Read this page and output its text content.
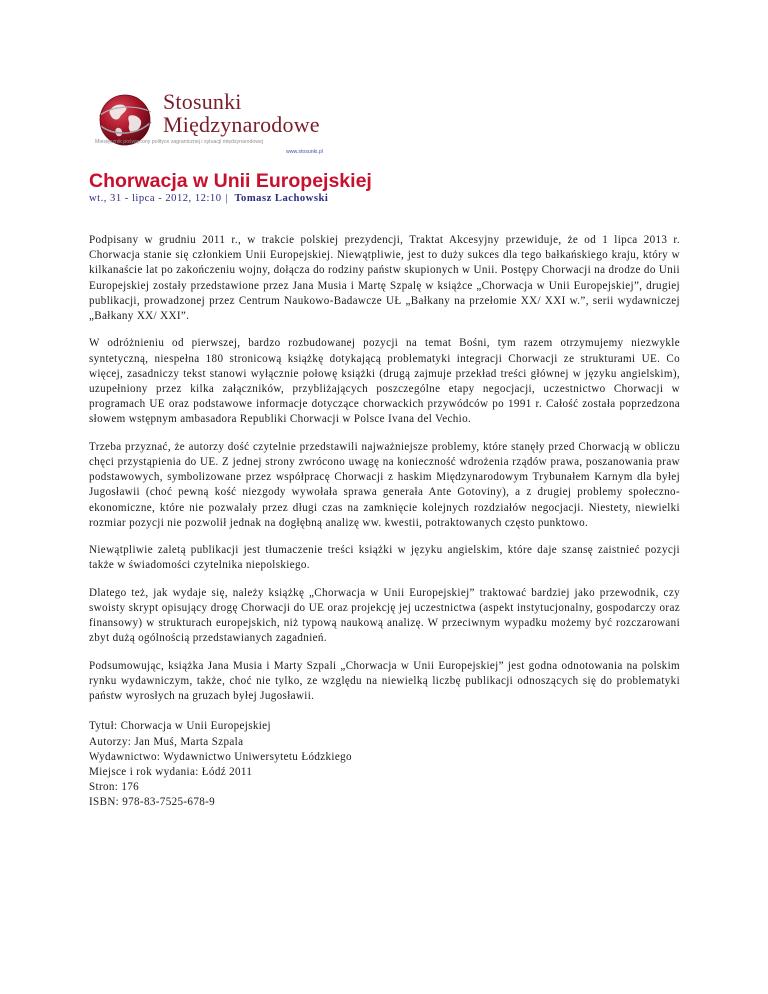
Stosunki
Międzynarodowe
Miesięcznik poświęcony polityce zagranicznej i sytuacji międzynarodowej
www.stosunki.pl
Chorwacja w Unii Europejskiej
wt., 31 - lipca - 2012, 12:10 | Tomasz Lachowski

Podpisany w grudniu 2011 r., w trakcie polskiej prezydencji, Traktat Akcesyjny przewiduje, że od 1 lipca 2013 r. Chorwacja stanie się członkiem Unii Europejskiej. Niewątpliwie, jest to duży sukces dla tego bałkańskiego kraju, który w kilkanaście lat po zakończeniu wojny, dołącza do rodziny państw skupionych w Unii. Postępy Chorwacji na drodze do Unii Europejskiej zostały przedstawione przez Jana Musia i Martę Szpalę w książce „Chorwacja w Unii Europejskiej”, drugiej publikacji, prowadzonej przez Centrum Naukowo-Badawcze UŁ „Bałkany na przełomie XX/ XXI w.”, serii wydawniczej „Bałkany XX/ XXI”.

W odróżnieniu od pierwszej, bardzo rozbudowanej pozycji na temat Bośni, tym razem otrzymujemy niezwykle syntetyczną, niespełna 180 stronicową książkę dotykającą problematyki integracji Chorwacji ze strukturami UE. Co więcej, zasadniczy tekst stanowi wyłącznie połowę książki (drugą zajmuje przekład treści głównej w języku angielskim), uzupełniony przez kilka załączników, przybliżających poszczególne etapy negocjacji, uczestnictwo Chorwacji w programach UE oraz podstawowe informacje dotyczące chorwackich przywódców po 1991 r. Całość została poprzedzona słowem wstępnym ambasadora Republiki Chorwacji w Polsce Ivana del Vechio.

Trzeba przyznać, że autorzy dość czytelnie przedstawili najważniejsze problemy, które stanęły przed Chorwacją w obliczu chęci przystąpienia do UE. Z jednej strony zwrócono uwagę na konieczność wdrożenia rządów prawa, poszanowania praw podstawowych, symbolizowane przez współpracę Chorwacji z haskim Międzynarodowym Trybunałem Karnym dla byłej Jugosławii (choć pewną kość niezgody wywołała sprawa generała Ante Gotoviny), a z drugiej problemy społeczno-ekonomiczne, które nie pozwalały przez długi czas na zamknięcie kolejnych rozdziałów negocjacji. Niestety, niewielki rozmiar pozycji nie pozwolił jednak na dogłębną analizę ww. kwestii, potraktowanych często punktowo.

Niewątpliwie zaletą publikacji jest tłumaczenie treści książki w języku angielskim, które daje szansę zaistnieć pozycji także w świadomości czytelnika niepolskiego.

Dlatego też, jak wydaje się, należy książkę „Chorwacja w Unii Europejskiej” traktować bardziej jako przewodnik, czy swoisty skrypt opisujący drogę Chorwacji do UE oraz projekcję jej uczestnictwa (aspekt instytucjonalny, gospodarczy oraz finansowy) w strukturach europejskich, niż typową naukową analizę. W przeciwnym wypadku możemy być rozczarowani zbyt dużą ogólnością przedstawianych zagadnień.

Podsumowując, książka Jana Musia i Marty Szpali „Chorwacja w Unii Europejskiej” jest godna odnotowania na polskim rynku wydawniczym, także, choć nie tylko, ze względu na niewielką liczbę publikacji odnoszących się do problematyki państw wyrosłych na gruzach byłej Jugosławii.

Tytuł: Chorwacja w Unii Europejskiej
Autorzy: Jan Muś, Marta Szpala
Wydawnictwo: Wydawnictwo Uniwersytetu Łódzkiego
Miejsce i rok wydania: Łódź 2011
Stron: 176
ISBN: 978-83-7525-678-9
